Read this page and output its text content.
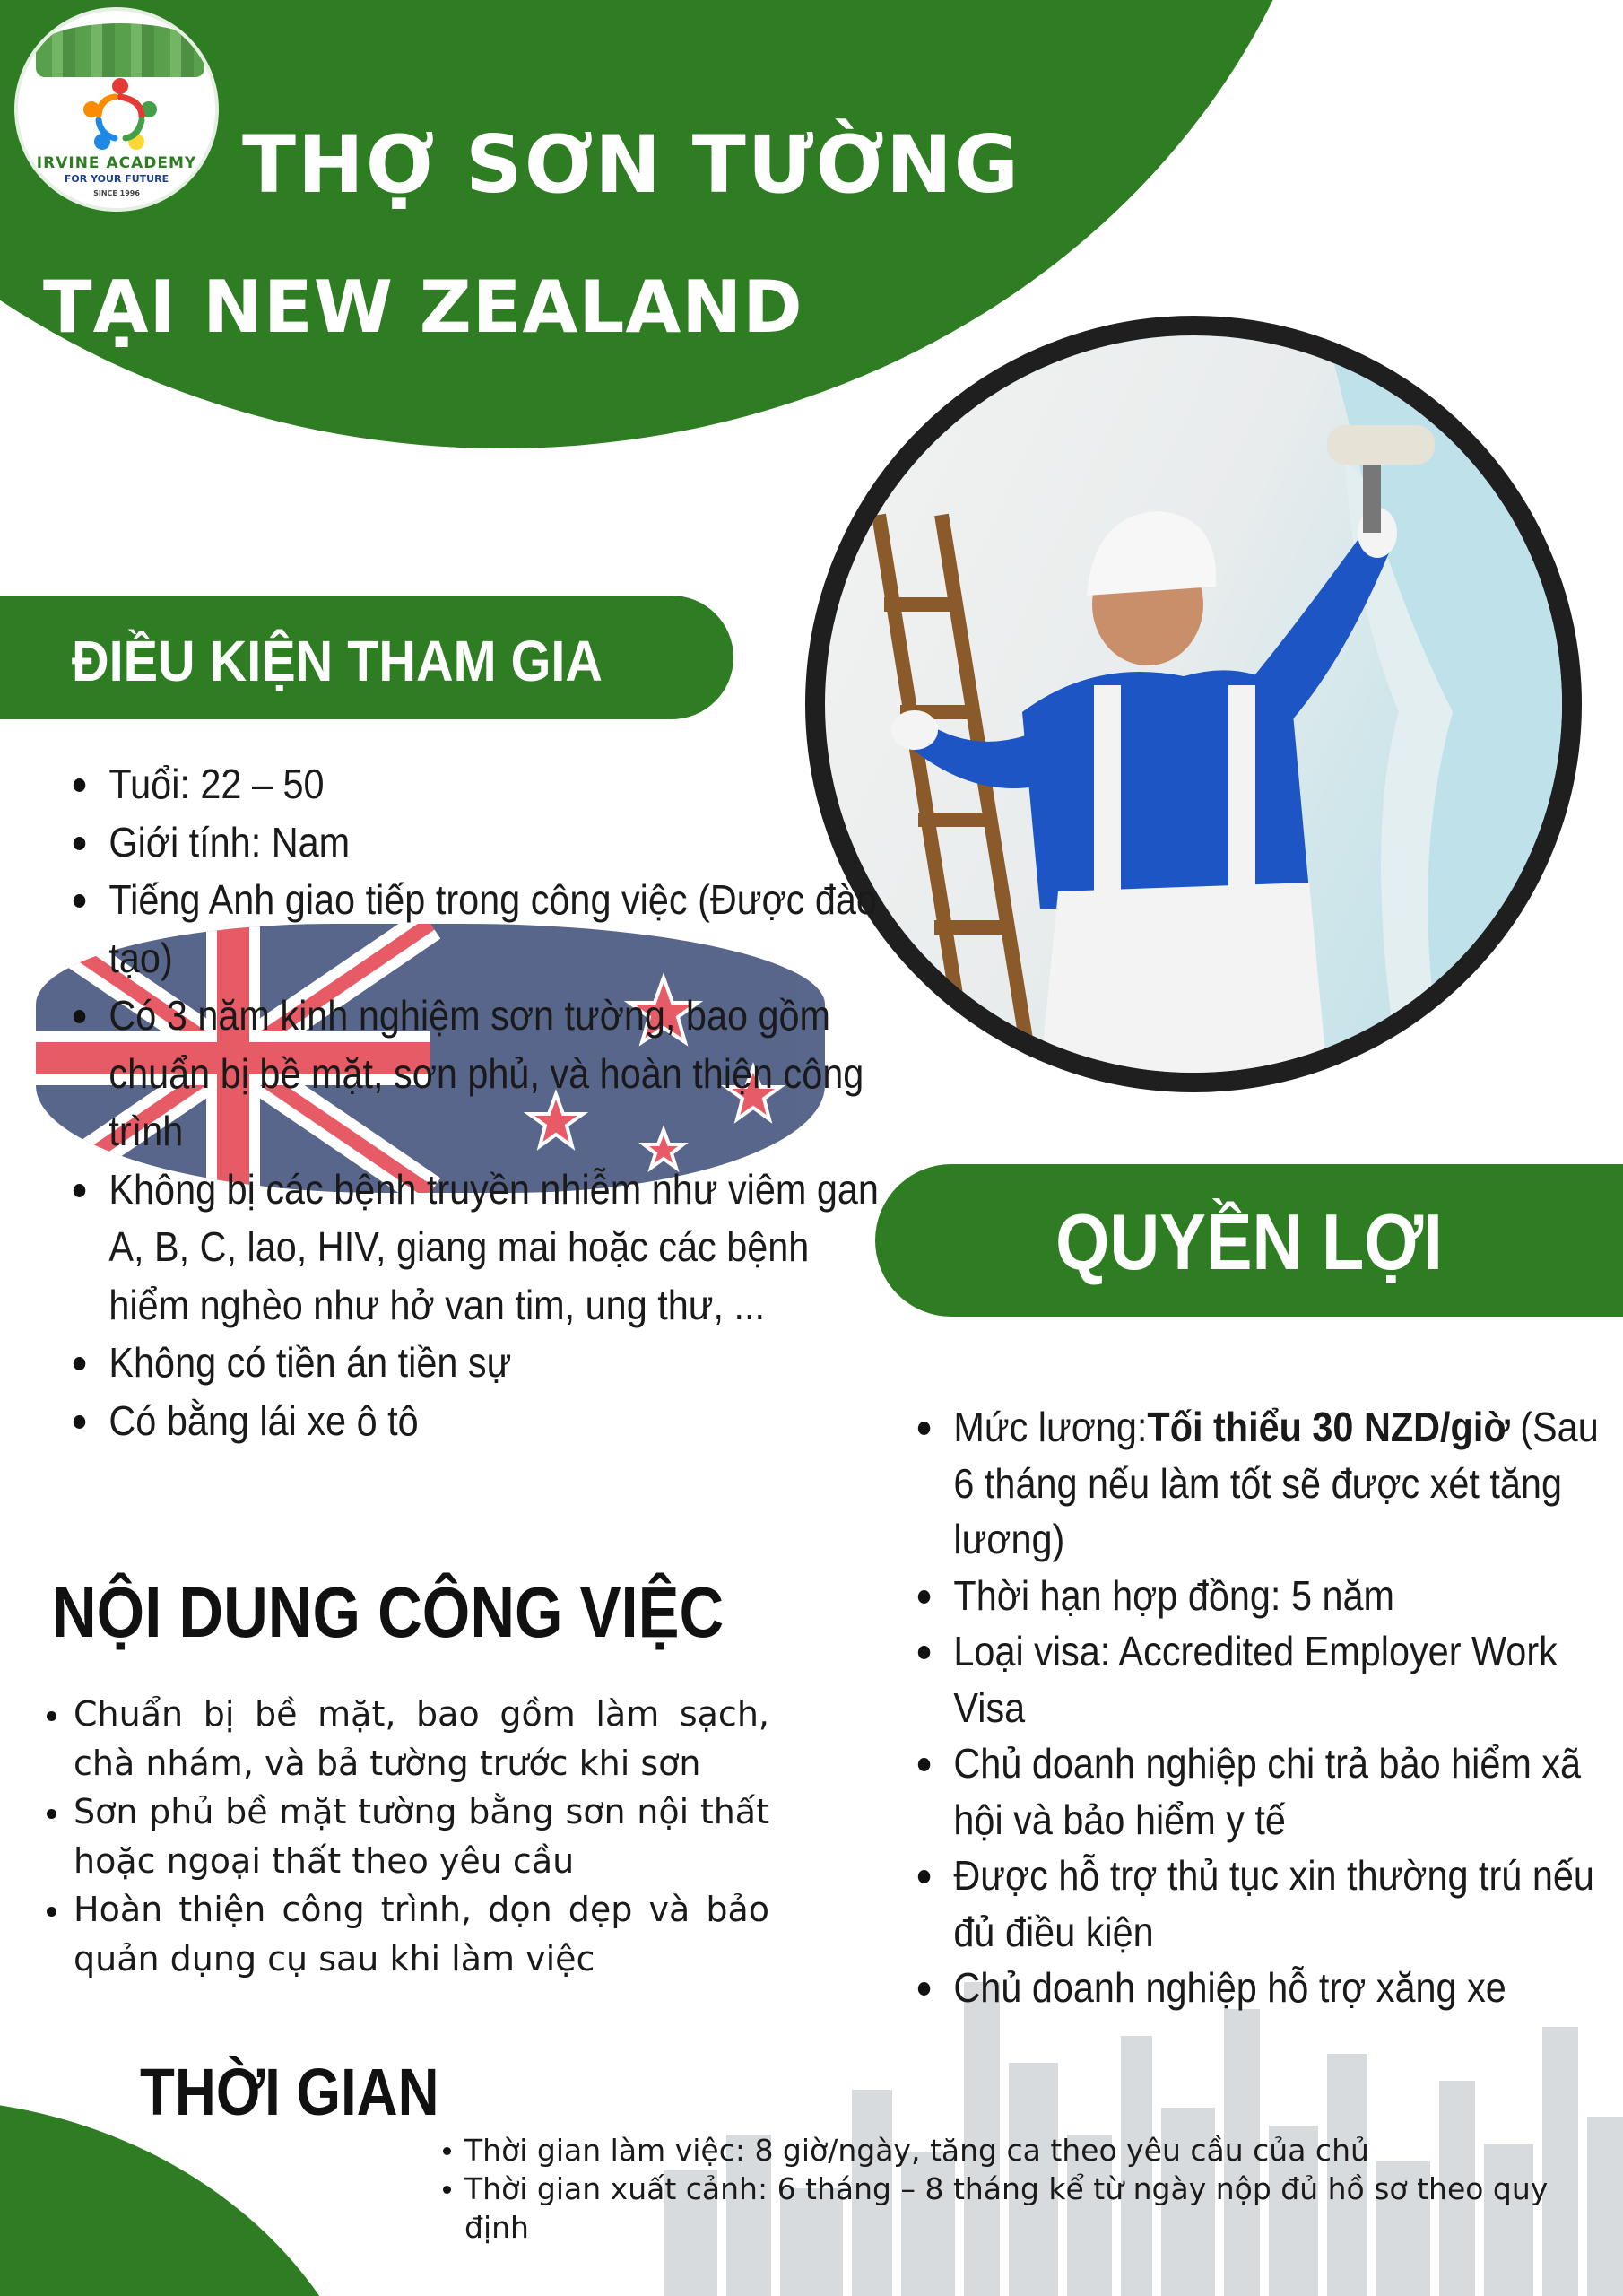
IRVINE ACADEMY
FOR YOUR FUTURE
SINCE 1996	THỢ SƠN TƯỜNG
TẠI NEW ZEALAND
ĐIỀU KIỆN THAM GIA
Tuổi: 22 – 50
Giới tính: Nam
Tiếng Anh giao tiếp trong công việc (Được đào tạo)
Có 3 năm kinh nghiệm sơn tường, bao gồm chuẩn bị bề mặt, sơn phủ, và hoàn thiện công trình
Không bị các bệnh truyền nhiễm như viêm gan A, B, C, lao, HIV, giang mai hoặc các bệnh hiểm nghèo như hở van tim, ung thư, ...
Không có tiền án tiền sự
Có bằng lái xe ô tô
QUYỀN LỢI
Mức lương:Tối thiểu 30 NZD/giờ (Sau 6 tháng nếu làm tốt sẽ được xét tăng lương)
Thời hạn hợp đồng: 5 năm
Loại visa: Accredited Employer Work Visa
Chủ doanh nghiệp chi trả bảo hiểm xã hội và bảo hiểm y tế
Được hỗ trợ thủ tục xin thường trú nếu đủ điều kiện
Chủ doanh nghiệp hỗ trợ xăng xe
NỘI DUNG CÔNG VIỆC
Chuẩn bị bề mặt, bao gồm làm sạch, chà nhám, và bả tường trước khi sơn
Sơn phủ bề mặt tường bằng sơn nội thất hoặc ngoại thất theo yêu cầu
Hoàn thiện công trình, dọn dẹp và bảo quản dụng cụ sau khi làm việc
THỜI GIAN
Thời gian làm việc: 8 giờ/ngày, tăng ca theo yêu cầu của chủ
Thời gian xuất cảnh: 6 tháng – 8 tháng kể từ ngày nộp đủ hồ sơ theo quy định
